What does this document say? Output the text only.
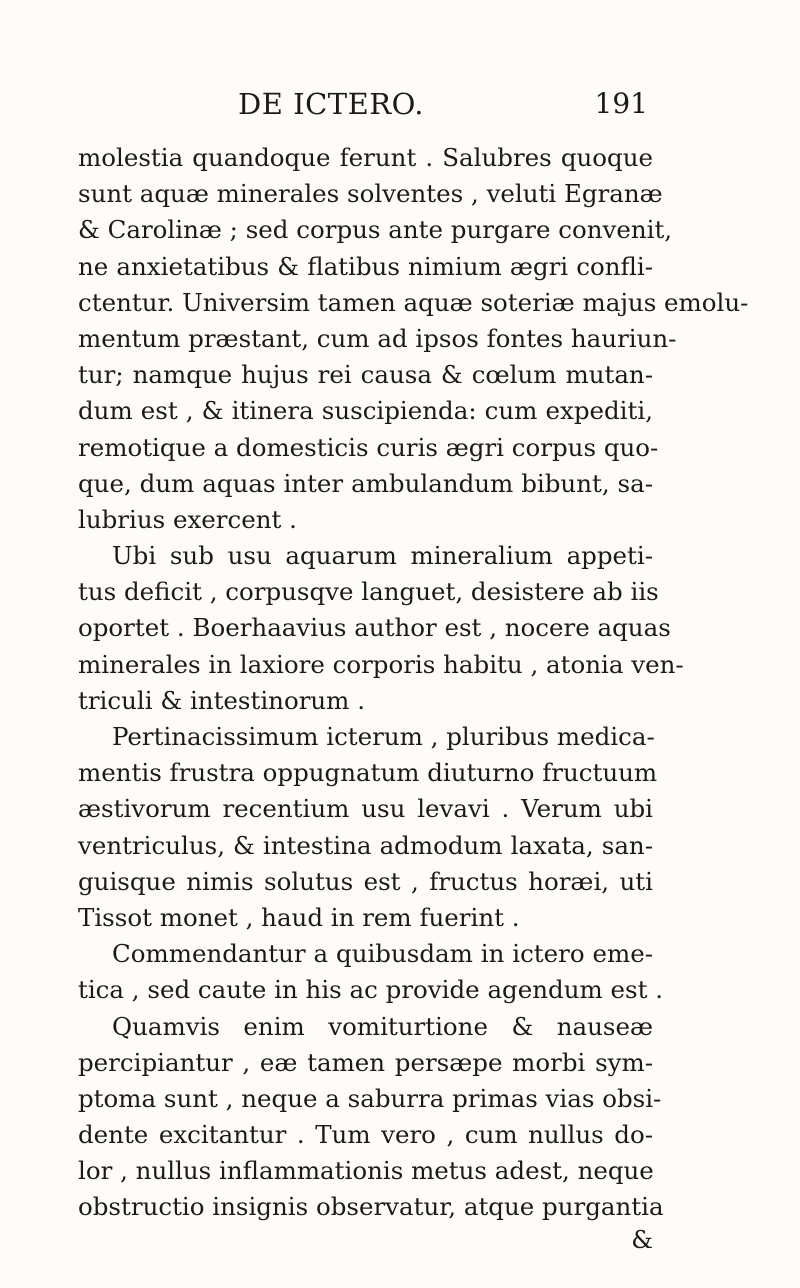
DE ICTERO.	191
molestia quandoque ferunt . Salubres quoque
sunt aquæ minerales solventes , veluti Egranæ
& Carolinæ ; sed corpus ante purgare convenit,
ne anxietatibus & flatibus nimium ægri confli-
ctentur. Universim tamen aquæ soteriæ majus emolu-
mentum præstant, cum ad ipsos fontes hauriun-
tur; namque hujus rei causa & cœlum mutan-
dum est , & itinera suscipienda: cum expediti,
remotique a domesticis curis ægri corpus quo-
que, dum aquas inter ambulandum bibunt, sa-
lubrius exercent .
Ubi sub usu aquarum mineralium appeti-
tus deficit , corpusqve languet, desistere ab iis
oportet . Boerhaavius author est , nocere aquas
minerales in laxiore corporis habitu , atonia ven-
triculi & intestinorum .
Pertinacissimum icterum , pluribus medica-
mentis frustra oppugnatum diuturno fructuum
æstivorum recentium usu levavi . Verum ubi
ventriculus, & intestina admodum laxata, san-
guisque nimis solutus est , fructus horæi, uti
Tissot monet , haud in rem fuerint .
Commendantur a quibusdam in ictero eme-
tica , sed caute in his ac provide agendum est .
Quamvis enim vomiturtione & nauseæ
percipiantur , eæ tamen persæpe morbi sym-
ptoma sunt , neque a saburra primas vias obsi-
dente excitantur . Tum vero , cum nullus do-
lor , nullus inflammationis metus adest, neque
obstructio insignis observatur, atque purgantia
&
